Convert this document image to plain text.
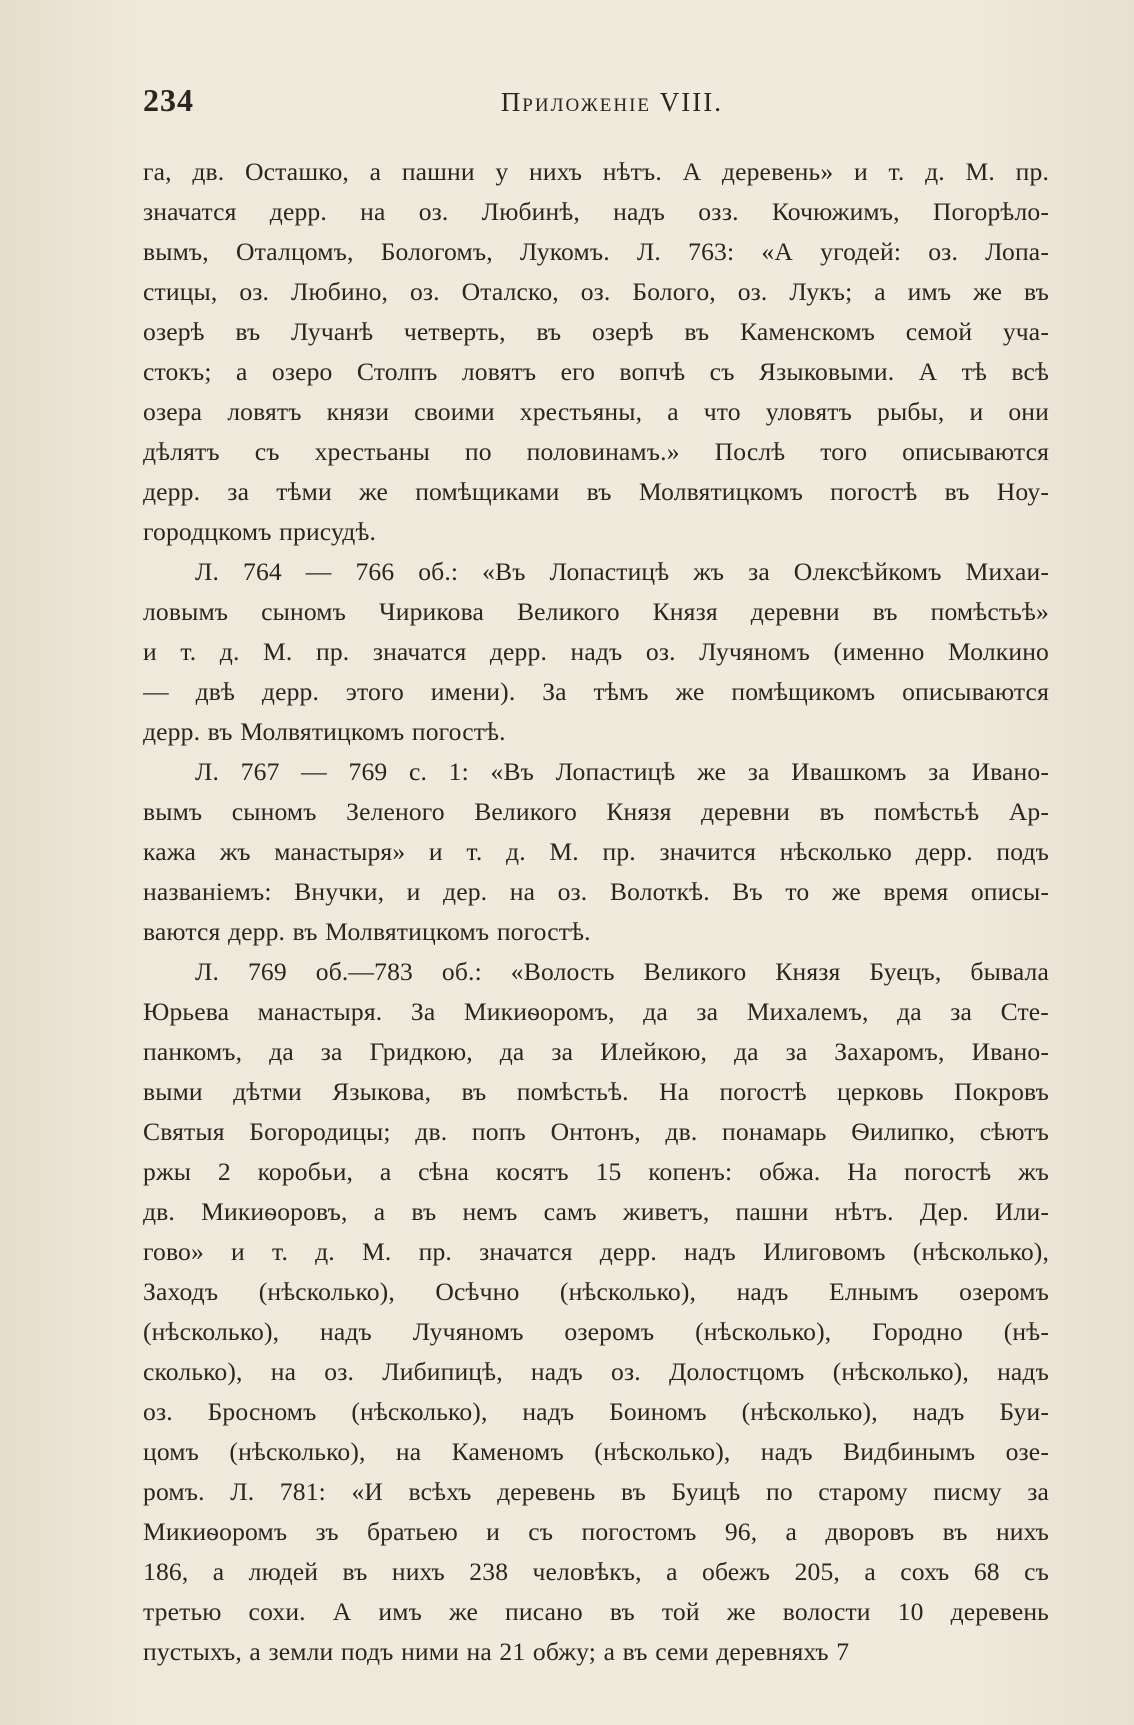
234	Приложеніе VIII.
га, дв. Осташко, а пашни у нихъ нѣтъ. А деревень» и т. д. М. пр.
значатся дерр. на оз. Любинѣ, надъ озз. Кочюжимъ, Погорѣло-
вымъ, Оталцомъ, Бологомъ, Лукомъ. Л. 763: «А угодей: оз. Лопа-
стицы, оз. Любино, оз. Оталско, оз. Бологo, оз. Лукъ; а имъ же въ
озерѣ въ Лучанѣ четверть, въ озерѣ въ Каменскомъ семой уча-
стокъ; а озеро Столпъ ловятъ его вопчѣ съ Языковыми. А тѣ всѣ
озера ловятъ князи своими хрестьяны, а что уловятъ рыбы, и они
дѣлятъ съ хрестьаны по половинамъ.» Послѣ того описываются
дерр. за тѣми же помѣщиками въ Молвятицкомъ погостѣ въ Ноу-
городцкомъ присудѣ.
Л. 764 — 766 об.: «Въ Лопастицѣ жъ за Олексѣйкомъ Михаи-
ловымъ сыномъ Чирикова Великого Князя деревни въ помѣстьѣ»
и т. д. М. пр. значатся дерр. надъ оз. Лучяномъ (именно Молкино
— двѣ дерр. этого имени). За тѣмъ же помѣщикомъ описываются
дерр. въ Молвятицкомъ погостѣ.
Л. 767 — 769 с. 1: «Въ Лопастицѣ же за Ивашкомъ за Ивано-
вымъ сыномъ Зеленого Великого Князя деревни въ помѣстьѣ Ар-
кажа жъ манастыря» и т. д. М. пр. значится нѣсколько дерр. подъ
названіемъ: Внучки, и дер. на оз. Волоткѣ. Въ то же время описы-
ваются дерр. въ Молвятицкомъ погостѣ.
Л. 769 об.—783 об.: «Волость Великого Князя Буецъ, бывала
Юрьева манастыря. За Микиѳоромъ, да за Михалемъ, да за Сте-
панкомъ, да за Гридкою, да за Илейкою, да за Захаромъ, Ивано-
выми дѣтми Языкова, въ помѣстьѣ. На погостѣ церковь Покровъ
Святыя Богородицы; дв. попъ Онтонъ, дв. понамарь Ѳилипко, сѣютъ
ржы 2 коробьи, а сѣна косятъ 15 копенъ: обжа. На погостѣ жъ
дв. Микиѳоровъ, а въ немъ самъ живетъ, пашни нѣтъ. Дер. Или-
гово» и т. д. М. пр. значатся дерр. надъ Илиговомъ (нѣсколько),
Заходъ (нѣсколько), Осѣчно (нѣсколько), надъ Елнымъ озеромъ
(нѣсколько), надъ Лучяномъ озеромъ (нѣсколько), Городно (нѣ-
сколько), на оз. Либипицѣ, надъ оз. Долостцомъ (нѣсколько), надъ
оз. Бросномъ (нѣсколько), надъ Боиномъ (нѣсколько), надъ Буи-
цомъ (нѣсколько), на Каменомъ (нѣсколько), надъ Видбинымъ озе-
ромъ. Л. 781: «И всѣхъ деревень въ Буицѣ по старому писму за
Микиѳоромъ зъ братьею и съ погостомъ 96, а дворовъ въ нихъ
186, а людей въ нихъ 238 человѣкъ, а обежъ 205, а сохъ 68 съ
третью сохи. А имъ же писано въ той же волости 10 деревень
пустыхъ, а земли подъ ними на 21 обжу; а въ семи деревняхъ 7
